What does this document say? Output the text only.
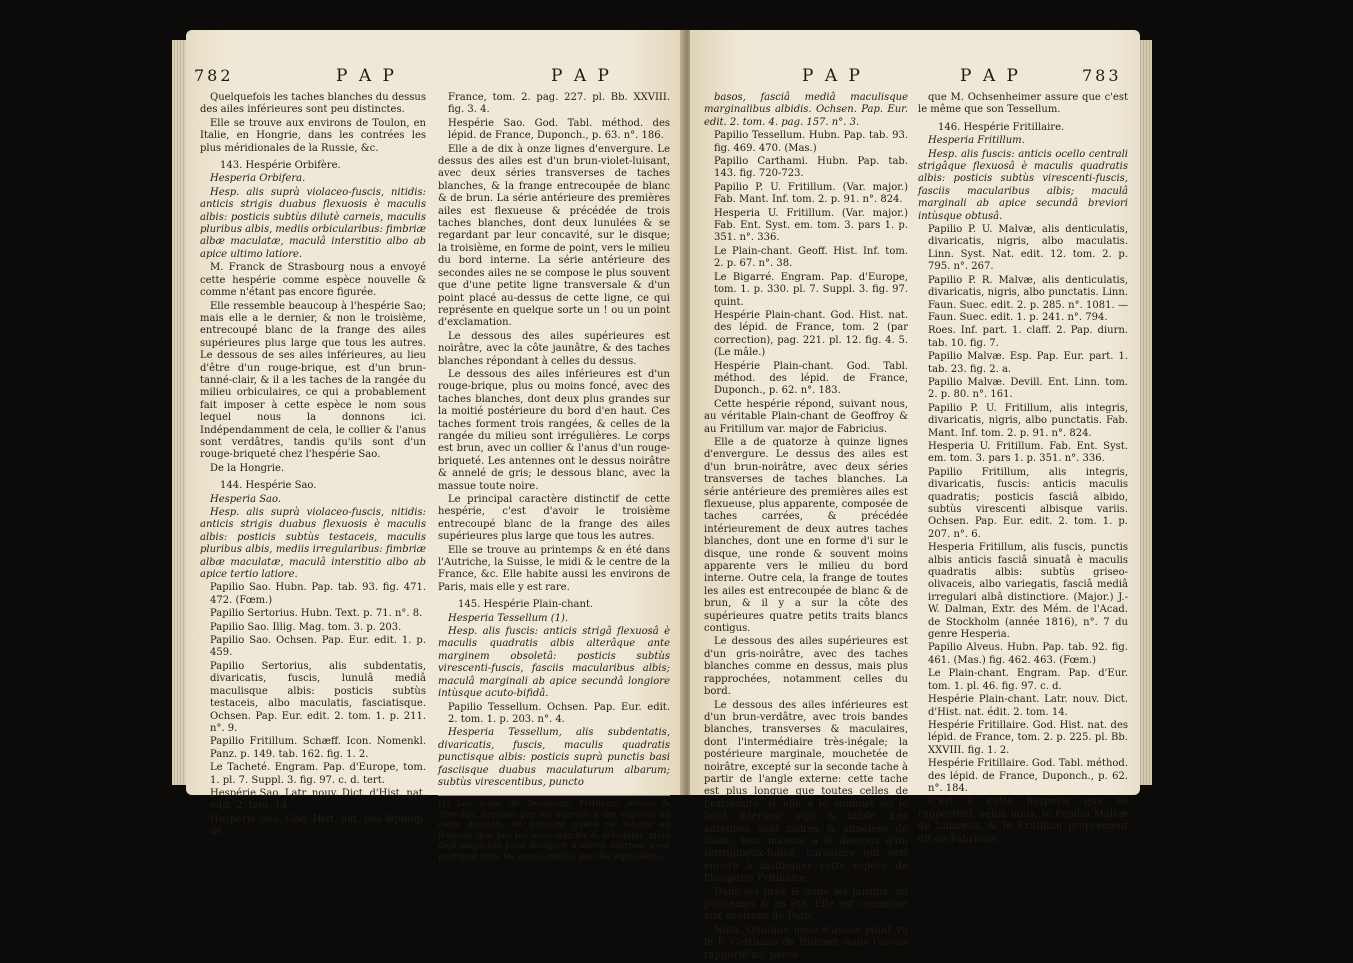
782	P A P	P A P

Quelquefois les taches blanches du dessus des ailes inférieures sont peu distinctes.

Elle se trouve aux environs de Toulon, en Italie, en Hongrie, dans les contrées les plus méridionales de la Russie, &c.

143. Hespérie Orbifère.

Hesperia Orbifera.

Hesp. alis suprà violaceo-fuscis, nitidis: anticis strigis duabus flexuosis è maculis albis: posticis subtùs dilutè carneis, maculis pluribus albis, mediis orbicularibus: fimbriæ albæ maculatæ, maculâ interstitio albo ab apice ultimo latiore.

M. Franck de Strasbourg nous a envoyé cette hespérie comme espèce nouvelle & comme n'étant pas encore figurée.

Elle ressemble beaucoup à l'hespérie Sao; mais elle a le dernier, & non le troisième, entrecoupé blanc de la frange des ailes supérieures plus large que tous les autres. Le dessous de ses ailes inférieures, au lieu d'être d'un rouge-brique, est d'un brun-tanné-clair, & il a les taches de la rangée du milieu orbiculaires, ce qui a probablement fait imposer à cette espèce le nom sous lequel nous la donnons ici. Indépendamment de cela, le collier & l'anus sont verdâtres, tandis qu'ils sont d'un rouge-briqueté chez l'hespérie Sao.

De la Hongrie.

144. Hespérie Sao.

Hesperia Sao.

Hesp. alis suprà violaceo-fuscis, nitidis: anticis strigis duabus flexuosis è maculis albis: posticis subtùs testaceis, maculis pluribus albis, mediis irregularibus: fimbriæ albæ maculatæ, maculâ interstitio albo ab apice tertio latiore.

Papilio Sao. Hubn. Pap. tab. 93. fig. 471. 472. (Fœm.)

Papilio Sertorius. Hubn. Text. p. 71. n°. 8.

Papilio Sao. Illig. Mag. tom. 3. p. 203.

Papilio Sao. Ochsen. Pap. Eur. edit. 1. p. 459.

Papilio Sertorius, alis subdentatis, divaricatis, fuscis, lunulâ mediâ maculisque albis: posticis subtùs testaceis, albo maculatis, fasciatisque. Ochsen. Pap. Eur. edit. 2. tom. 1. p. 211. n°. 9.

Papilio Fritillum. Schæff. Icon. Nomenkl. Panz. p. 149. tab. 162. fig. 1. 2.

Le Tacheté. Engram. Pap. d'Europe, tom. 1. pl. 7. Suppl. 3. fig. 97. c. d. tert.

Hespérie Sao. Latr. nouv. Dict. d'Hist. nat. édit. 2. tom. 14.

Hespérie Sao. God. Hist. nat. des lépidop. de

France, tom. 2. pag. 227. pl. Bb. XXVIII. fig. 3. 4.

Hespérie Sao. God. Tabl. méthod. des lépid. de France, Duponch., p. 63. n°. 186.

Elle a de dix à onze lignes d'envergure. Le dessus des ailes est d'un brun-violet-luisant, avec deux séries transverses de taches blanches, & la frange entrecoupée de blanc & de brun. La série antérieure des premières ailes est flexueuse & précédée de trois taches blanches, dont deux lunulées & se regardant par leur concavité, sur le disque; la troisième, en forme de point, vers le milieu du bord interne. La série antérieure des secondes ailes ne se compose le plus souvent que d'une petite ligne transversale & d'un point placé au-dessus de cette ligne, ce qui représente en quelque sorte un ! ou un point d'exclamation.

Le dessous des ailes supérieures est noirâtre, avec la côte jaunâtre, & des taches blanches répondant à celles du dessus.

Le dessous des ailes inférieures est d'un rouge-brique, plus ou moins foncé, avec des taches blanches, dont deux plus grandes sur la moitié postérieure du bord d'en haut. Ces taches forment trois rangées, & celles de la rangée du milieu sont irrégulières. Le corps est brun, avec un collier & l'anus d'un rouge-briqueté. Les antennes ont le dessus noirâtre & annelé de gris; le dessous blanc, avec la massue toute noire.

Le principal caractère distinctif de cette hespérie, c'est d'avoir le troisième entrecoupé blanc de la frange des ailes supérieures plus large que tous les autres.

Elle se trouve au printemps & en été dans l'Autriche, la Suisse, le midi & le centre de la France, &c. Elle habite aussi les environs de Paris, mais elle y est rare.

145. Hespérie Plain-chant.

Hesperia Tessellum (1).

Hesp. alis fuscis: anticis strigâ flexuosâ è maculis quadratis albis alterâque ante marginem obsoletâ: posticis subtùs virescenti-fuscis, fasciis macularibus albis; maculâ marginali ab apice secundâ longiore intùsque acuto-bifidâ.

Papilio Tessellum. Ochsen. Pap. Eur. edit. 2. tom. 1. p. 203. n°. 4.

Hesperia Tessellum, alis subdentatis, divaricatis, fuscis, maculis quadratis punctisque albis: posticis suprà punctis basi fasciisque duabus maculaturum albarum; subtùs virescentibus, puncto

(1) Les noms de Tessellum, Fritillum, Alveus & Alveolus, imposés par les auteurs à des espèces de cette division, ne pouvant guère se rendre en français que par les mots damier & échiquier, mots déjà employés pour désigner d'autres diurnes, c'est pourquoi nous les avons rendus par des équivalens.
P A P	P A P	783

basos, fasciâ mediâ maculisque marginalibus albidis. Ochsen. Pap. Eur. edit. 2. tom. 4. pag. 157. n°. 3.

Papilio Tessellum. Hubn. Pap. tab. 93. fig. 469. 470. (Mas.)

Papilio Carthami. Hubn. Pap. tab. 143. fig. 720-723.

Papilio P. U. Fritillum. (Var. major.) Fab. Mant. Inf. tom. 2. p. 91. n°. 824.

Hesperia U. Fritillum. (Var. major.) Fab. Ent. Syst. em. tom. 3. pars 1. p. 351. n°. 336.

Le Plain-chant. Geoff. Hist. Inf. tom. 2. p. 67. n°. 38.

Le Bigarré. Engram. Pap. d'Europe, tom. 1. p. 330. pl. 7. Suppl. 3. fig. 97. quint.

Hespérie Plain-chant. God. Hist. nat. des lépid. de France, tom. 2 (par correction), pag. 221. pl. 12. fig. 4. 5. (Le mâle.)

Hespérie Plain-chant. God. Tabl. méthod. des lépid. de France, Duponch., p. 62. n°. 183.

Cette hespérie répond, suivant nous, au véritable Plain-chant de Geoffroy & au Fritillum var. major de Fabricius.

Elle a de quatorze à quinze lignes d'envergure. Le dessus des ailes est d'un brun-noirâtre, avec deux séries transverses de taches blanches. La série antérieure des premières ailes est flexueuse, plus apparente, composée de taches carrées, & précédée intérieurement de deux autres taches blanches, dont une en forme d'i sur le disque, une ronde & souvent moins apparente vers le milieu du bord interne. Outre cela, la frange de toutes les ailes est entrecoupée de blanc & de brun, & il y a sur la côte des supérieures quatre petits traits blancs contigus.

Le dessous des ailes supérieures est d'un gris-noirâtre, avec des taches blanches comme en dessus, mais plus rapprochées, notamment celles du bord.

Le dessous des ailes inférieures est d'un brun-verdâtre, avec trois bandes blanches, transverses & maculaires, dont l'intermédiaire très-inégale; la postérieure marginale, mouchetée de noirâtre, excepté sur la seconde tache à partir de l'angle externe: cette tache est plus longue que toutes celles de l'extrémité, & elle a le sommet ou le bout intérieur aigu & bifide. Les antennes sont noires & annelées de blanc; leur massue a le dessous d'un ferrugineux-foncé, caractère qui sert encore à distinguer cette espèce de l'hespérie Fritillaire.

Dans les prés & dans les jardins, au printemps & en été. Elle est commune aux environs de Paris.

Nota. Quoique nous n'ayons point vu le P. Carthami de Hubner, nous l'avons rapporté ici, parce

que M. Ochsenheimer assure que c'est le même que son Tessellum.

146. Hespérie Fritillaire.

Hesperia Fritillum.

Hesp. alis fuscis: anticis ocello centrali strigâque flexuosâ è maculis quadratis albis: posticis subtùs virescenti-fuscis, fasciis macularibus albis; maculâ marginali ab apice secundâ breviori intùsque obtusâ.

Papilio P. U. Malvæ, alis denticulatis, divaricatis, nigris, albo maculatis. Linn. Syst. Nat. edit. 12. tom. 2. p. 795. n°. 267.

Papilio P. R. Malvæ, alis denticulatis, divaricatis, nigris, albo punctatis. Linn. Faun. Suec. edit. 2. p. 285. n°. 1081. — Faun. Suec. edit. 1. p. 241. n°. 794.

Roes. Inf. part. 1. claff. 2. Pap. diurn. tab. 10. fig. 7.

Papilio Malvæ. Esp. Pap. Eur. part. 1. tab. 23. fig. 2. a.

Papilio Malvæ. Devill. Ent. Linn. tom. 2. p. 80. n°. 161.

Papilio P. U. Fritillum, alis integris, divaricatis, nigris, albo punctatis. Fab. Mant. Inf. tom. 2. p. 91. n°. 824.

Hesperia U. Fritillum. Fab. Ent. Syst. em. tom. 3. pars 1. p. 351. n°. 336.

Papilio Fritillum, alis integris, divaricatis, fuscis: anticis maculis quadratis; posticis fasciâ albido, subtùs virescenti albisque variis. Ochsen. Pap. Eur. edit. 2. tom. 1. p. 207. n°. 6.

Hesperia Fritillum, alis fuscis, punctis albis anticis fasciâ sinuatâ è maculis quadratis albis: subtùs griseo-olivaceis, albo variegatis, fasciâ mediâ irregulari albâ distinctiore. (Major.) J.-W. Dalman, Extr. des Mém. de l'Acad. de Stockholm (année 1816), n°. 7 du genre Hesperia.

Papilio Alveus. Hubn. Pap. tab. 92. fig. 461. (Mas.) fig. 462. 463. (Fœm.)

Le Plain-chant. Engram. Pap. d'Eur. tom. 1. pl. 46. fig. 97. c. d.

Hespérie Plain-chant. Latr. nouv. Dict. d'Hist. nat. édit. 2. tom. 14.

Hespérie Fritillaire. God. Hist. nat. des lépid. de France, tom. 2. p. 225. pl. Bb. XXVIII. fig. 1. 2.

Hespérie Fritillaire. God. Tabl. méthod. des lépid. de France, Duponch., p. 62. n°. 184.

C'est à cette hespérie que se rapportent, selon nous, le Papilio Malvæ de Linnæus, & le Fritillum proprement dit de Fabricius.
